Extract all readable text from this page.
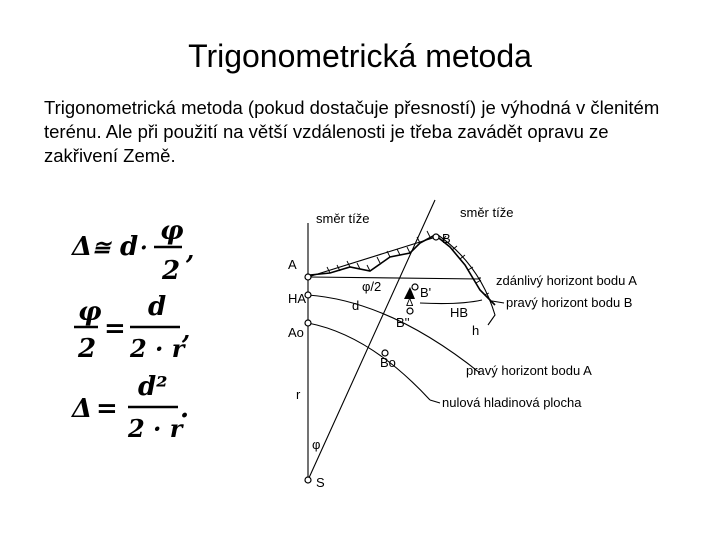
Trigonometrická metoda
Trigonometrická metoda (pokud dostačuje přesností) je výhodná v členitém terénu. Ale při použití na větší vzdálenosti je třeba zavádět opravu ze zakřivení Země.
Δ ≅ d ·
φ
2
,
φ
2
=
d
2 · r
,
Δ =
d²
2 · r
.
směr tíže	směr tíže
B
A
HA
Ao
φ/2	B'
B''
Δ
d	HB
h
Bo
r
φ
S
zdánlivý horizont bodu A
pravý horizont bodu B
pravý horizont bodu A
nulová hladinová plocha
